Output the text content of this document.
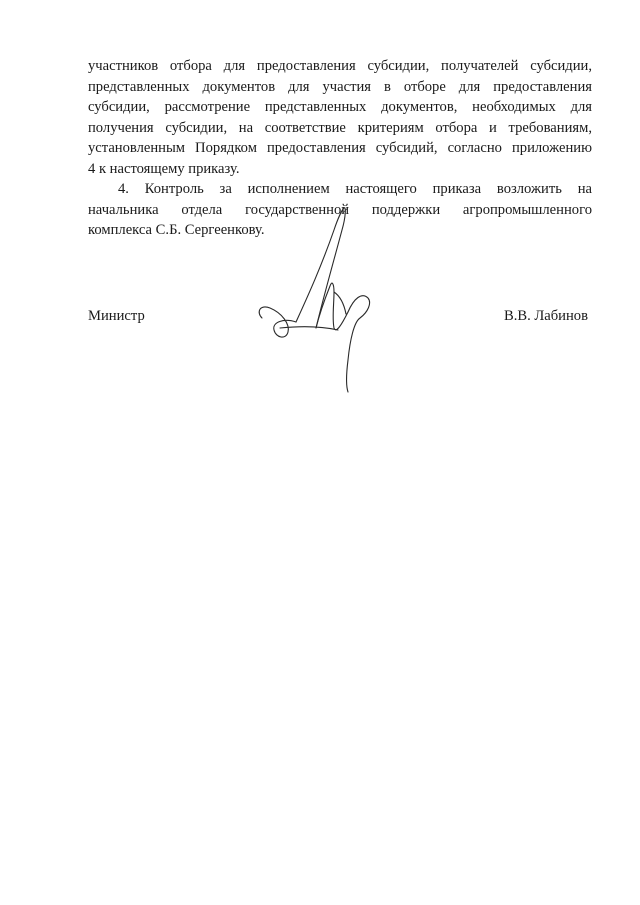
участников отбора для предоставления субсидии, получателей субсидии,
представленных документов для участия в отборе для предоставления
субсидии, рассмотрение представленных документов, необходимых для
получения субсидии, на соответствие критериям отбора и требованиям,
установленным Порядком предоставления субсидий, согласно приложению
4 к настоящему приказу.
4. Контроль за исполнением настоящего приказа возложить на
начальника отдела государственной поддержки агропромышленного
комплекса С.Б. Сергеенкову.
Министр	В.В. Лабинов
